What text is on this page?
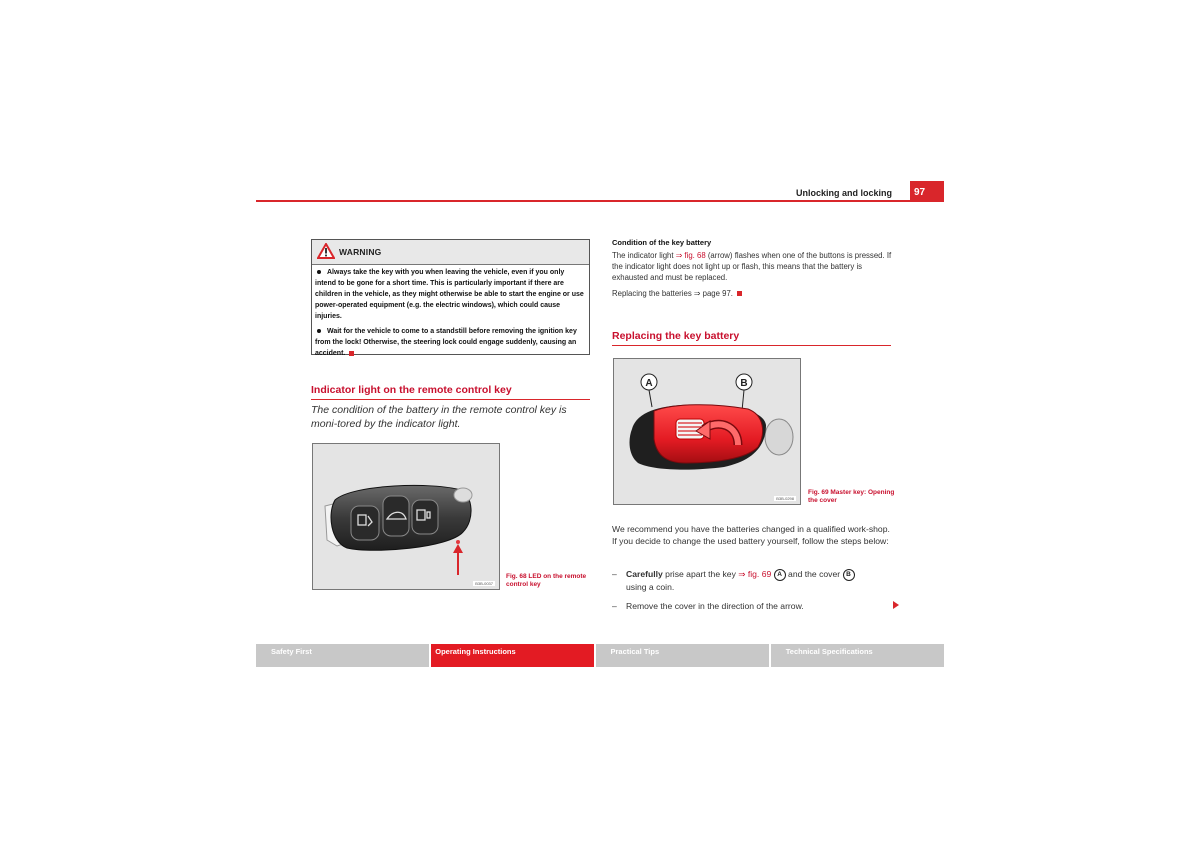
Unlocking and locking	97
WARNING
Always take the key with you when leaving the vehicle, even if you only intend to be gone for a short time. This is particularly important if there are children in the vehicle, as they might otherwise be able to start the engine or use power-operated equipment (e.g. the electric windows), which could cause injuries.
Wait for the vehicle to come to a standstill before removing the ignition key from the lock! Otherwise, the steering lock could engage suddenly, causing an accident.
Indicator light on the remote control key
The condition of the battery in the remote control key is moni-tored by the indicator light.
B3B-0037
Fig. 68 LED on the remote control key
Condition of the key battery
The indicator light ⇒ fig. 68 (arrow) flashes when one of the buttons is pressed. If the indicator light does not light up or flash, this means that the battery is exhausted and must be replaced.
Replacing the batteries ⇒ page 97.
Replacing the key battery
A	B
B3B-0298
Fig. 69 Master key: Opening the cover
We recommend you have the batteries changed in a qualified work-shop. If you decide to change the used battery yourself, follow the steps below:
– Carefully prise apart the key ⇒ fig. 69 A and the cover B
using a coin.
– Remove the cover in the direction of the arrow.
Safety First	Operating Instructions	Practical Tips	Technical Specifications
